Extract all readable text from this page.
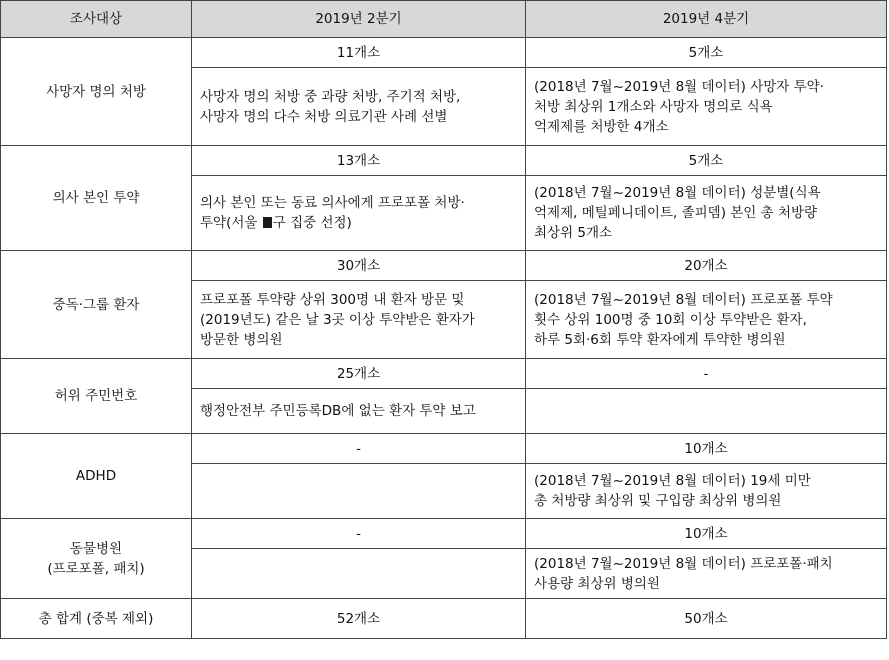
조사대상	2019년 2분기	2019년 4분기
사망자 명의 처방	11개소	5개소

	사망자 명의 처방 중 과량 처방, 주기적 처방,
사망자 명의 다수 처방 의료기관 사례 선별	(2018년 7월~2019년 8월 데이터) 사망자 투약·
처방 최상위 1개소와 사망자 명의로 식욕
억제제를 처방한 4개소

의사 본인 투약	13개소	5개소

	의사 본인 또는 동료 의사에게 프로포폴 처방·
투약(서울 구 집중 선정)	(2018년 7월~2019년 8월 데이터) 성분별(식욕
억제제, 메틸페니데이트, 졸피뎀) 본인 총 처방량
최상위 5개소

중독·그룹 환자	30개소	20개소

	프로포폴 투약량 상위 300명 내 환자 방문 및
(2019년도) 같은 날 3곳 이상 투약받은 환자가
방문한 병의원	(2018년 7월~2019년 8월 데이터) 프로포폴 투약
횟수 상위 100명 중 10회 이상 투약받은 환자,
하루 5회·6회 투약 환자에게 투약한 병의원

허위 주민번호	25개소	-

	행정안전부 주민등록DB에 없는 환자 투약 보고	

ADHD	-	10개소

		(2018년 7월~2019년 8월 데이터) 19세 미만
총 처방량 최상위 및 구입량 최상위 병의원

동물병원
(프로포폴, 패치)	-	10개소

		(2018년 7월~2019년 8월 데이터) 프로포폴·패치
사용량 최상위 병의원

총 합계 (중복 제외)	52개소	50개소
